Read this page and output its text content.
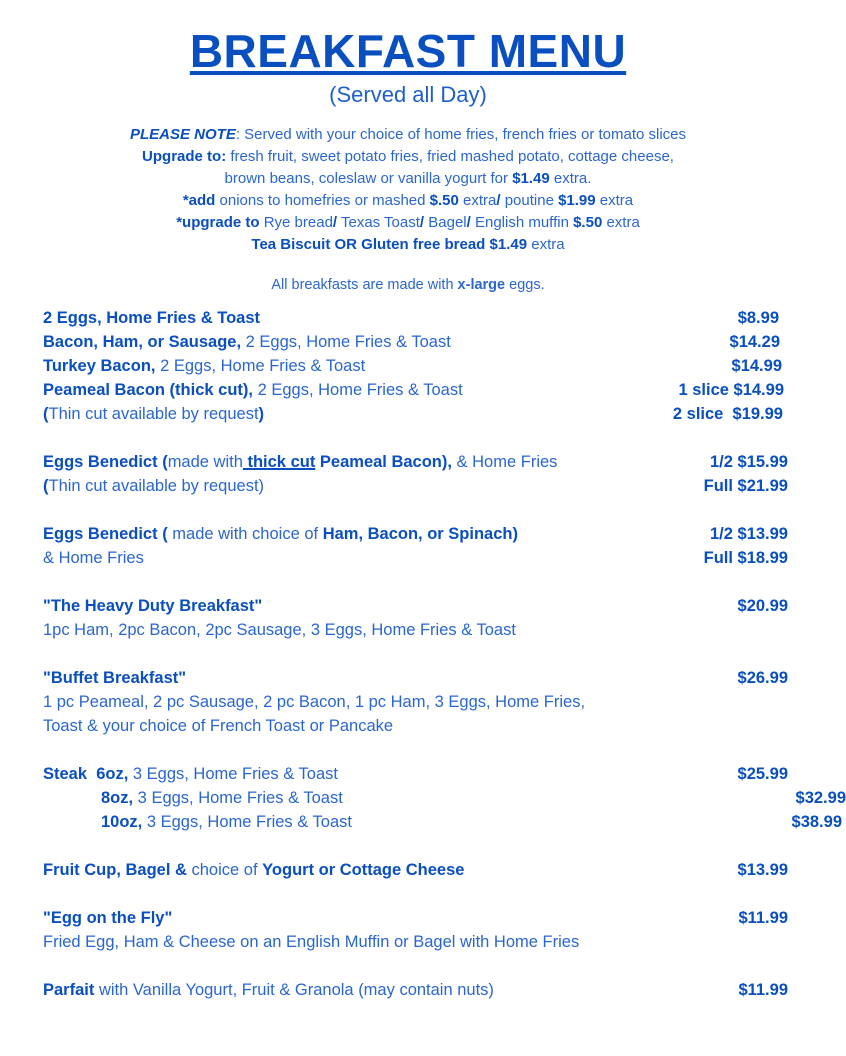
BREAKFAST MENU
(Served all Day)
PLEASE NOTE: Served with your choice of home fries, french fries or tomato slices
Upgrade to: fresh fruit, sweet potato fries, fried mashed potato, cottage cheese,
brown beans, coleslaw or vanilla yogurt for $1.49 extra.
*add onions to homefries or mashed $.50 extra/ poutine $1.99 extra
*upgrade to Rye bread/ Texas Toast/ Bagel/ English muffin $.50 extra
Tea Biscuit OR Gluten free bread $1.49 extra
All breakfasts are made with x-large eggs.
2 Eggs, Home Fries & Toast	$8.99
Bacon, Ham, or Sausage, 2 Eggs, Home Fries & Toast	$14.29
Turkey Bacon, 2 Eggs, Home Fries & Toast	$14.99
Peameal Bacon (thick cut), 2 Eggs, Home Fries & Toast	1 slice $14.99
(Thin cut available by request)	2 slice  $19.99
Eggs Benedict (made with thick cut Peameal Bacon), & Home Fries	1/2 $15.99
(Thin cut available by request)	Full $21.99
Eggs Benedict ( made with choice of Ham, Bacon, or Spinach)	1/2 $13.99
& Home Fries	Full $18.99
"The Heavy Duty Breakfast"	$20.99
1pc Ham, 2pc Bacon, 2pc Sausage, 3 Eggs, Home Fries & Toast
"Buffet Breakfast"	$26.99
1 pc Peameal, 2 pc Sausage, 2 pc Bacon, 1 pc Ham, 3 Eggs, Home Fries,
Toast & your choice of French Toast or Pancake
Steak  6oz, 3 Eggs, Home Fries & Toast	$25.99
8oz, 3 Eggs, Home Fries & Toast	$32.99
10oz, 3 Eggs, Home Fries & Toast	$38.99
Fruit Cup, Bagel & choice of Yogurt or Cottage Cheese	$13.99
"Egg on the Fly"	$11.99
Fried Egg, Ham & Cheese on an English Muffin or Bagel with Home Fries
Parfait with Vanilla Yogurt, Fruit & Granola (may contain nuts)	$11.99
